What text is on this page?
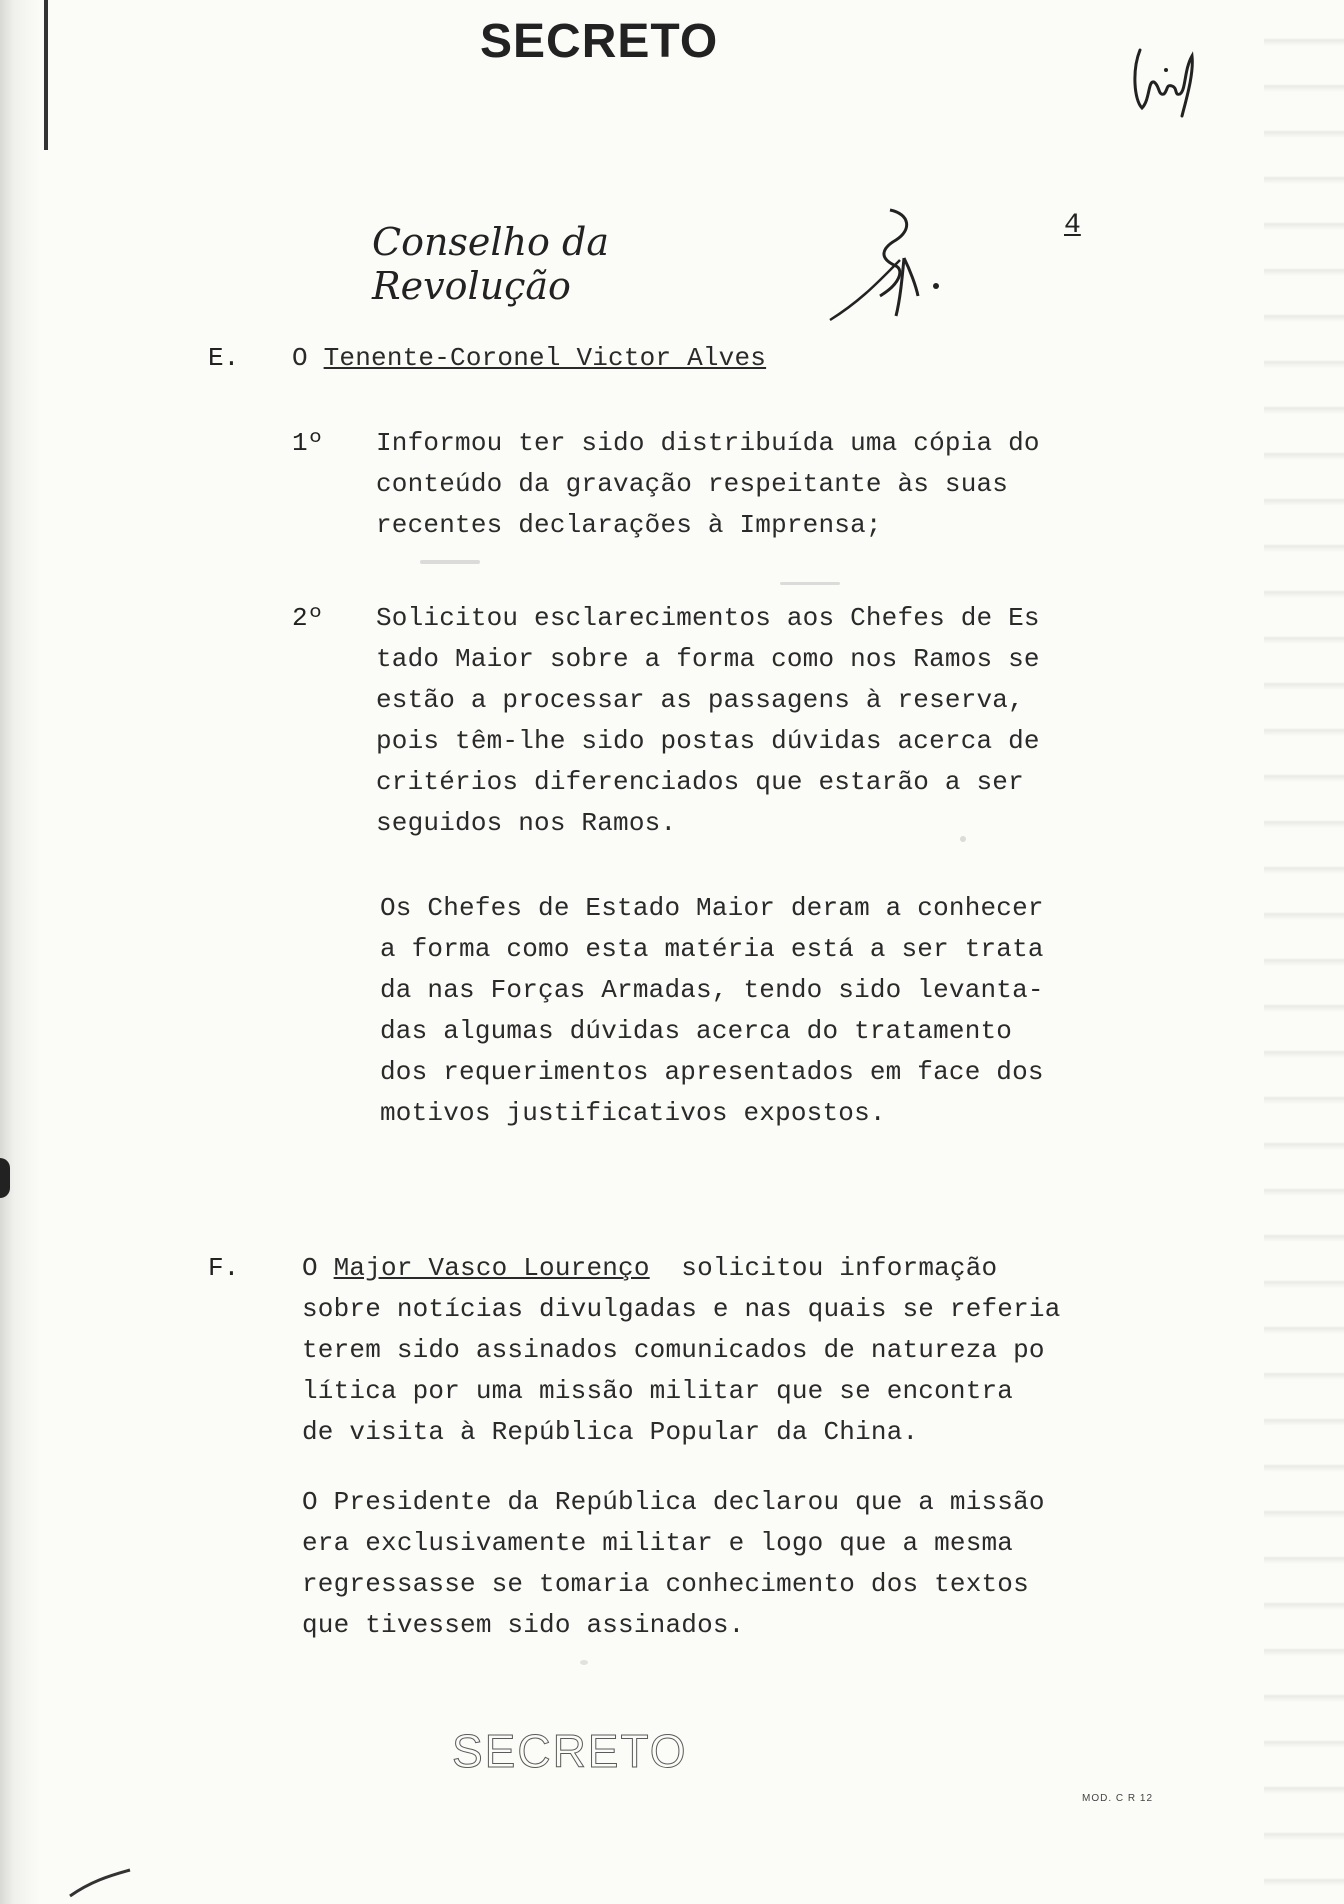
SECRETO
Conselho da Revolução
4
E. O Tenente-Coronel Victor Alves
1º Informou ter sido distribuída uma cópia do
conteúdo da gravação respeitante às suas
recentes declarações à Imprensa;
2º Solicitou esclarecimentos aos Chefes de Es
tado Maior sobre a forma como nos Ramos se
estão a processar as passagens à reserva,
pois têm-lhe sido postas dúvidas acerca de
critérios diferenciados que estarão a ser
seguidos nos Ramos.
Os Chefes de Estado Maior deram a conhecer
a forma como esta matéria está a ser trata
da nas Forças Armadas, tendo sido levanta-
das algumas dúvidas acerca do tratamento
dos requerimentos apresentados em face dos
motivos justificativos expostos.
F. O Major Vasco Lourenço  solicitou informação
sobre notícias divulgadas e nas quais se referia
terem sido assinados comunicados de natureza po
lítica por uma missão militar que se encontra
de visita à República Popular da China.
O Presidente da República declarou que a missão
era exclusivamente militar e logo que a mesma
regressasse se tomaria conhecimento dos textos
que tivessem sido assinados.
SECRETO
MOD. C R 12
